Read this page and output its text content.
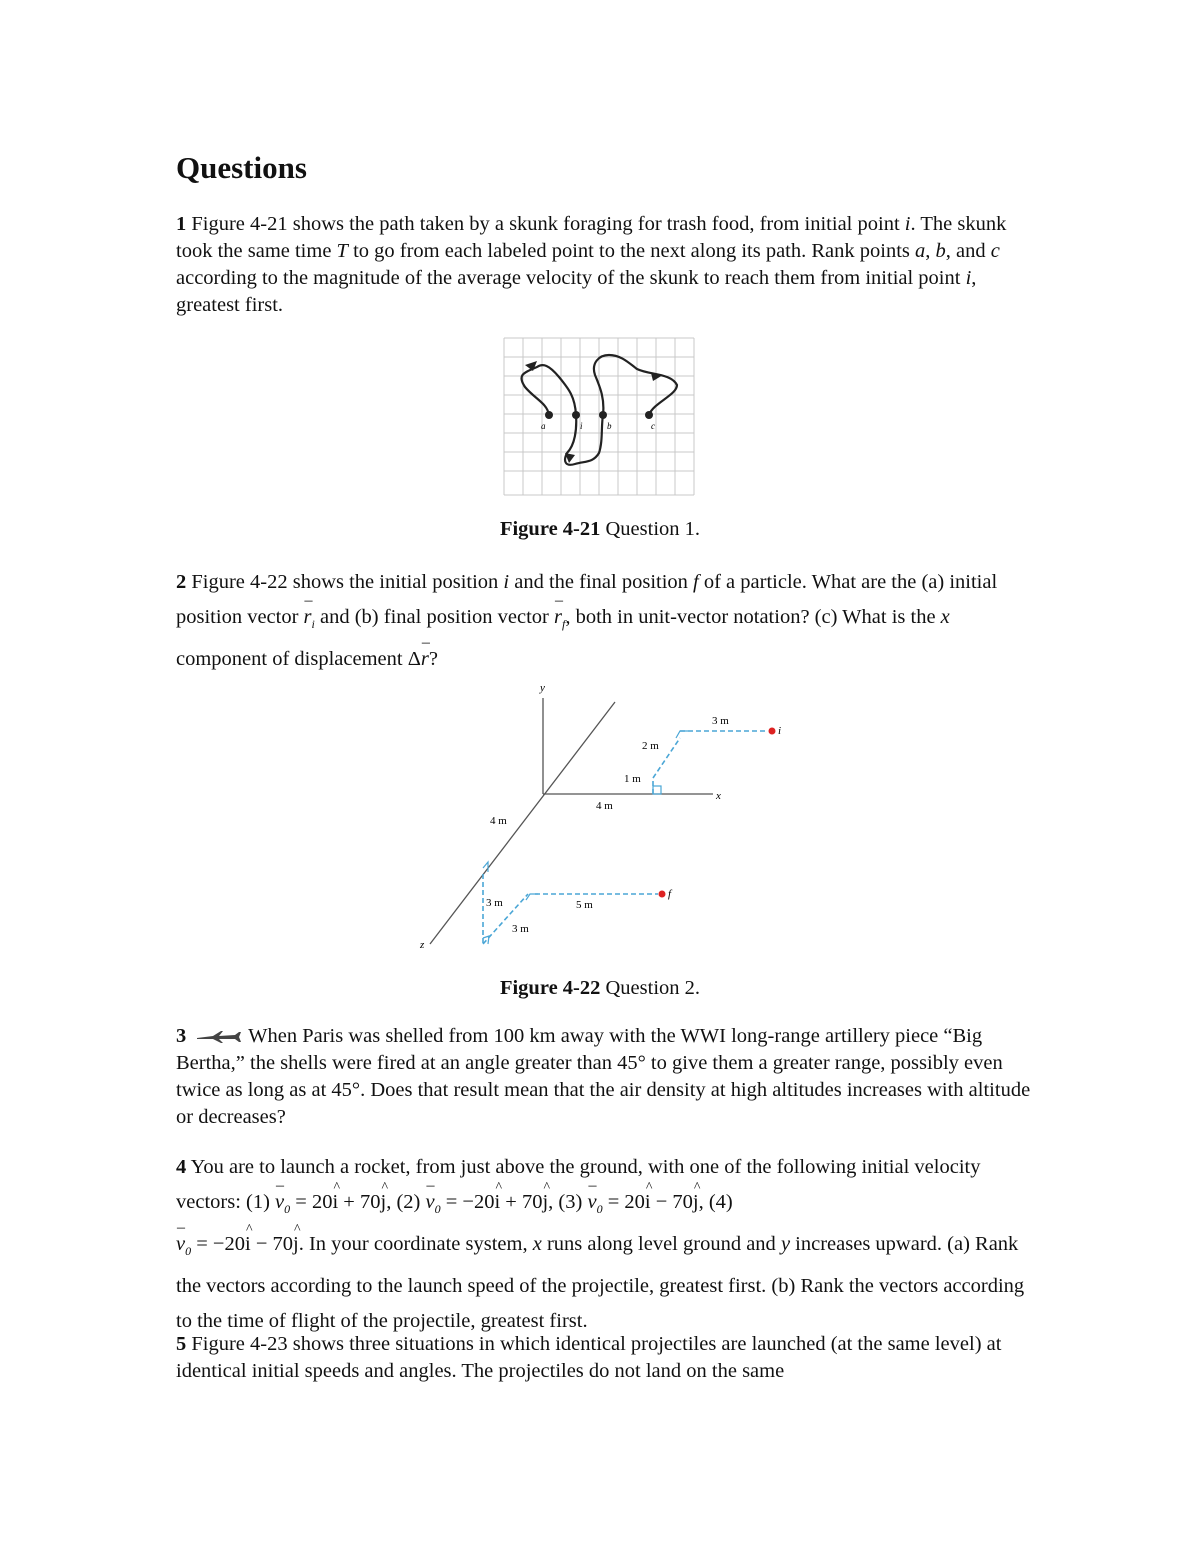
Questions
1 Figure 4-21 shows the path taken by a skunk foraging for trash food, from initial point i. The skunk took the same time T to go from each labeled point to the next along its path. Rank points a, b, and c according to the magnitude of the average velocity of the skunk to reach them from initial point i, greatest first.
a	i	b	c
Figure 4-21 Question 1.
2 Figure 4-22 shows the initial position i and the final position f of a particle. What are the (a) initial position vector – $r_i$ and (b) final position vector – $r_f$, both in unit-vector notation? (c) What is the x component of displacement Δ– r?
y
x
z
i
3 m
2 m
1 m
4 m
4 m
f
3 m
3 m
5 m
Figure 4-22 Question 2.
3	When Paris was shelled from 100 km away with the WWI long-range artillery piece “Big Bertha,” the shells were fired at an angle greater than 45° to give them a greater range, possibly even twice as long as at 45°. Does that result mean that the air density at high altitudes increases with altitude or decreases?
4 You are to launch a rocket, from just above the ground, with one of the following initial velocity vectors: $(1) - v_0$ = 20^ i + 70^ j, $(2) - v_0$ = −20^ i + 70^ j, $(3) - v_0$ = 20^ i − 70^ j, (4)
– $v_0$ = −20^ i − 70^ j. In your coordinate system, x runs along level ground and y increases upward. (a) Rank the vectors according to the launch speed of the projectile, greatest first. (b) Rank the vectors according to the time of flight of the projectile, greatest first.
5 Figure 4-23 shows three situations in which identical projectiles are launched (at the same level) at identical initial speeds and angles. The projectiles do not land on the same
